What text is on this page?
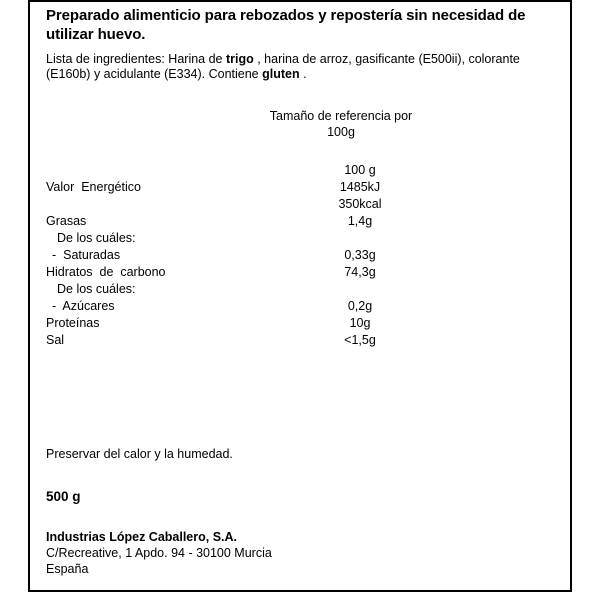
Preparado alimenticio para rebozados y repostería sin necesidad de utilizar huevo.
Lista de ingredientes: Harina de trigo , harina de arroz, gasificante (E500ii), colorante (E160b) y acidulante (E334). Contiene gluten .
Tamaño de referencia por
100g
100 g
Valor  Energético	1485kJ
350kcal
Grasas	1,4g
De los cuáles:
-  Saturadas	0,33g
Hidratos  de  carbono	74,3g
De los cuáles:
-  Azúcares	0,2g
Proteínas	10g
Sal	<1,5g
Preservar del calor y la humedad.
500 g
Industrias López Caballero, S.A.
C/Recreative, 1 Apdo. 94 - 30100 Murcia
España
